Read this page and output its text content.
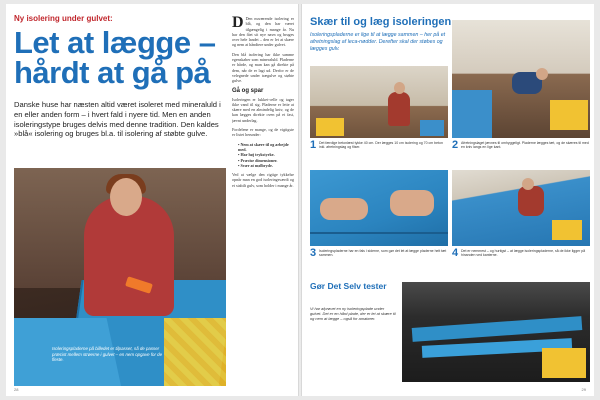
Ny isolering under gulvet:
Let at lægge – hårdt at gå på

Danske huse har næsten altid været isoleret med mineraluld i en eller anden form – i hvert fald i nyere tid. Men en anden isoleringstype bruges delvis med denne tradition. Den kaldes »blå« isolering og bruges bl.a. til isolering af støbte gulve.

Isoleringspladerne på billedet er tilpasset, så de passer præcist mellem strøerne i gulvet – en nem opgave for de fleste.

D Den nuværende isolering er blå, og den har været tilgængelig i mange år. Nu har den fået sit nye navn og bruges over hele landet – den er let at skære og nem at håndtere under gulvet.

Den blå isolering har ikke samme egenskaber som mineraluld. Pladerne er hårde, og man kan gå direkte på dem, når de er lagt ud. Derfor er de velegnede under trægulve og støbte gulve.

Gå og spar

Isoleringen er lukket-celle og tager ikke vand til sig. Pladerne er lette at skære med en almindelig kniv, og de kan lægges direkte oven på et fast, jævnt underlag.

Fordelene er mange, og de vigtigste er listet herunder:

• Nem at skære til og arbejde med.
• Har høj trykstyrke.
• Præcise dimensioner.
• Svær at mølbryde.

Ved at vælge den rigtige tykkelse opnår man en god isoleringsværdi og et stabilt gulv, som holder i mange år.

28
Skær til og læg isoleringen

Isoleringspladerne er lige til at lægge sammen – her på et afretningslag af leca-nødder. Derefter skal der støbes og lægges gulv.

1 Det færdige betonlæst tykke 40 cm. Der lægges 10 cm isolering og 70 cm beton inkl. afretningslag og fliser.	2 Afretningslaget jævnes til omhyggeligt. Pladerne lægges tæt, og de skæres til med en kniv langs en lige kant.

3 Isoleringspladerne har en fals i siderne, som gør det let at lægge pladerne helt tæt sammen.	4 Det er nemmest – og hurtigst – at lægge isoleringspladerne, så de ikke ligger på hinanden ved kanterne.

Gør Det Selv tester

Vi har afprøvet en ny isoleringsplade under gulvet. Det er en hård plade, der er let at skære til og nem at lægge – også for amatører.

29
